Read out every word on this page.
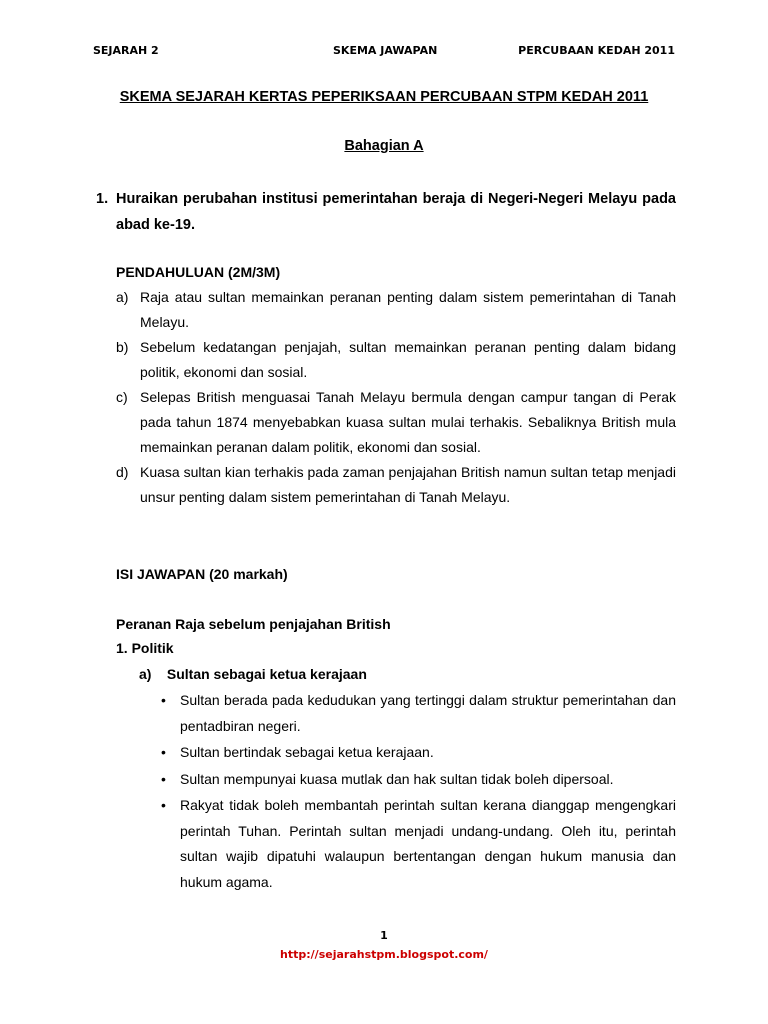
SEJARAH 2	SKEMA JAWAPAN	PERCUBAAN KEDAH 2011
SKEMA SEJARAH KERTAS PEPERIKSAAN PERCUBAAN STPM KEDAH 2011
Bahagian A
1. Huraikan perubahan institusi pemerintahan beraja di Negeri-Negeri Melayu pada abad ke-19.
PENDAHULUAN (2M/3M)
a) Raja atau sultan memainkan peranan penting dalam sistem pemerintahan di Tanah Melayu.
b) Sebelum kedatangan penjajah, sultan memainkan peranan penting dalam bidang politik, ekonomi dan sosial.
c) Selepas British menguasai Tanah Melayu bermula dengan campur tangan di Perak pada tahun 1874 menyebabkan kuasa sultan mulai terhakis. Sebaliknya British mula memainkan peranan dalam politik, ekonomi dan sosial.
d) Kuasa sultan kian terhakis pada zaman penjajahan British namun sultan tetap menjadi unsur penting dalam sistem pemerintahan di Tanah Melayu.
ISI JAWAPAN (20 markah)
Peranan Raja sebelum penjajahan British
1. Politik
a) Sultan sebagai ketua kerajaan
• Sultan berada pada kedudukan yang tertinggi dalam struktur pemerintahan dan pentadbiran negeri.
• Sultan bertindak sebagai ketua kerajaan.
• Sultan mempunyai kuasa mutlak dan hak sultan tidak boleh dipersoal.
• Rakyat tidak boleh membantah perintah sultan kerana dianggap mengengkari perintah Tuhan. Perintah sultan menjadi undang-undang. Oleh itu, perintah sultan wajib dipatuhi walaupun bertentangan dengan hukum manusia dan hukum agama.
1
http://sejarahstpm.blogspot.com/
